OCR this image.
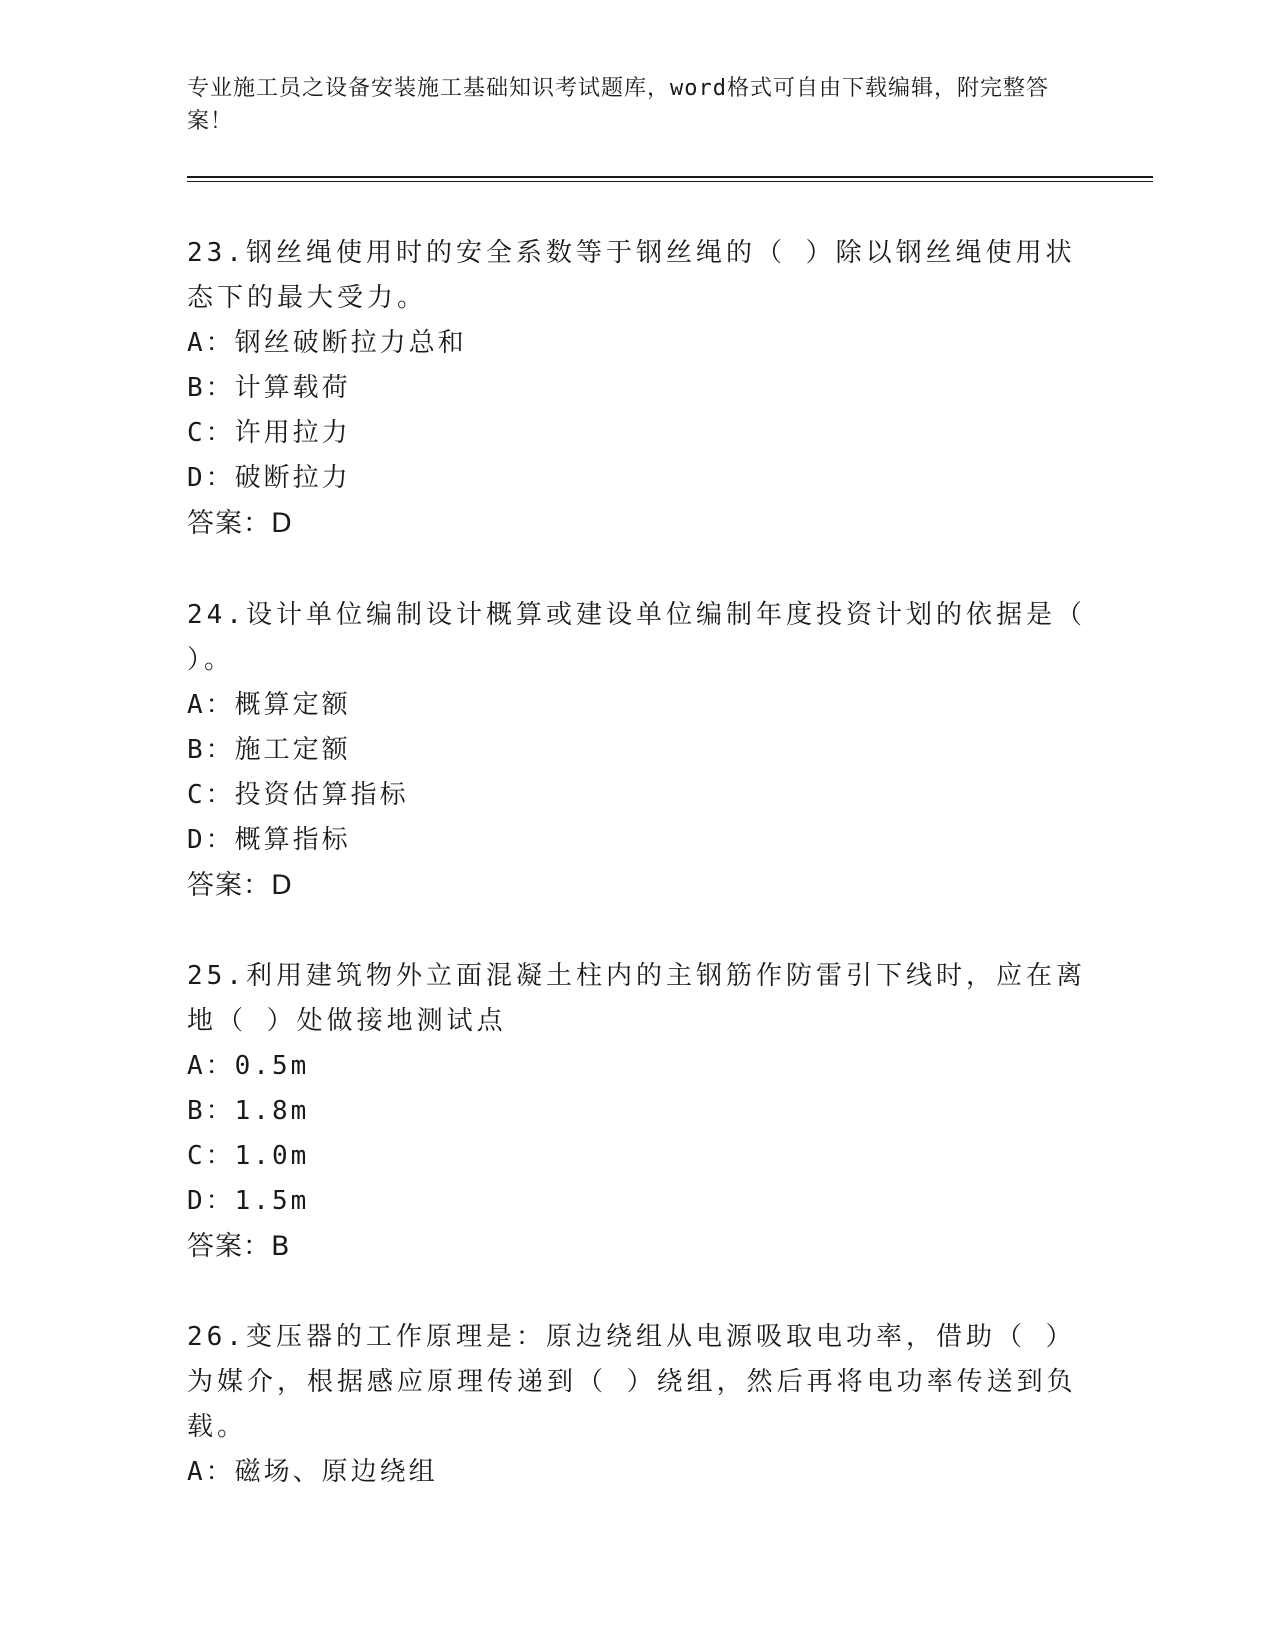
专业施工员之设备安装施工基础知识考试题库，word格式可自由下载编辑，附完整答案！

23.钢丝绳使用时的安全系数等于钢丝绳的（ ）除以钢丝绳使用状态下的最大受力。

A：钢丝破断拉力总和

B：计算载荷

C：许用拉力

D：破断拉力

答案：D

24.设计单位编制设计概算或建设单位编制年度投资计划的依据是（ ）。

A：概算定额

B：施工定额

C：投资估算指标

D：概算指标

答案：D

25.利用建筑物外立面混凝土柱内的主钢筋作防雷引下线时，应在离地（ ）处做接地测试点

A：0.5m

B：1.8m

C：1.0m

D：1.5m

答案：B

26.变压器的工作原理是：原边绕组从电源吸取电功率，借助（ ）为媒介，根据感应原理传递到（ ）绕组，然后再将电功率传送到负载。

A：磁场、原边绕组
